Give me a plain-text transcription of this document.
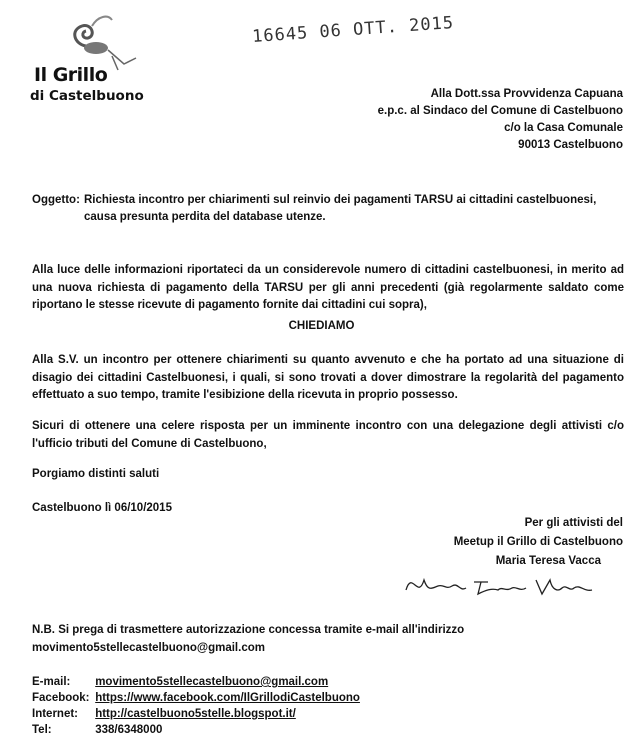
16645 06 OTT. 2015
Il Grillo
di Castelbuono	Alla Dott.ssa Provvidenza Capuana
e.p.c. al Sindaco del Comune di Castelbuono
c/o la Casa Comunale
90013 Castelbuono
Oggetto: Richiesta incontro per chiarimenti sul reinvio dei pagamenti TARSU ai cittadini castelbuonesi,
causa presunta perdita del database utenze.
Alla luce delle informazioni riportateci da un considerevole numero di cittadini castelbuonesi, in merito ad una nuova richiesta di pagamento della TARSU per gli anni precedenti (già regolarmente saldato come riportano le stesse ricevute di pagamento fornite dai cittadini cui sopra),
CHIEDIAMO
Alla S.V. un incontro per ottenere chiarimenti su quanto avvenuto e che ha portato ad una situazione di disagio dei cittadini Castelbuonesi, i quali, si sono trovati a dover dimostrare la regolarità del pagamento effettuato a suo tempo, tramite l'esibizione della ricevuta in proprio possesso.
Sicuri di ottenere una celere risposta per un imminente incontro con una delegazione degli attivisti c/o l'ufficio tributi del Comune di Castelbuono,
Porgiamo distinti saluti
Castelbuono lì 06/10/2015
Per gli attivisti del
Meetup il Grillo di Castelbuono
Maria Teresa Vacca
N.B. Si prega di trasmettere autorizzazione concessa tramite e-mail all'indirizzo
movimento5stellecastelbuono@gmail.com
E-mail: movimento5stellecastelbuono@gmail.com
Facebook: https://www.facebook.com/IlGrillodiCastelbuono
Internet: http://castelbuono5stelle.blogspot.it/
Tel:	338/6348000
